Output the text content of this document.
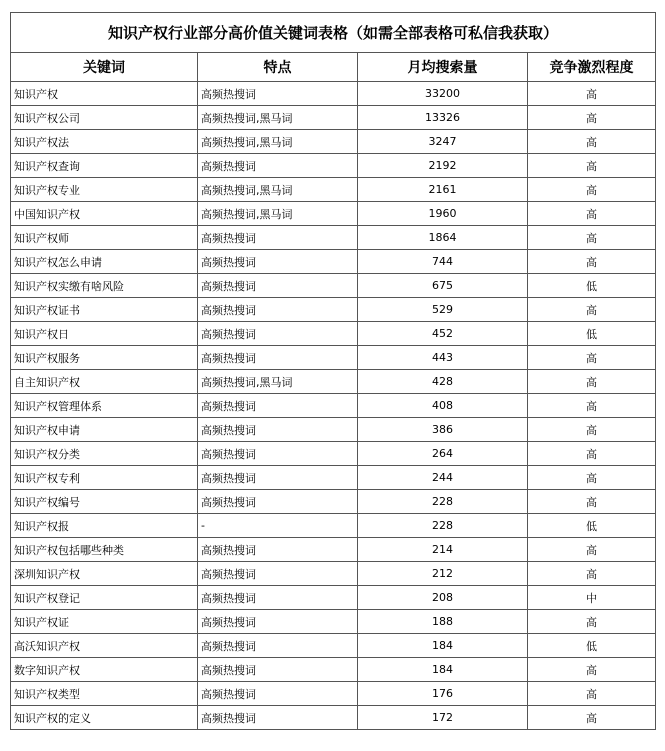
知识产权行业部分高价值关键词表格（如需全部表格可私信我获取）			
关键词	特点	月均搜索量	竞争激烈程度
知识产权	高频热搜词	33200	高
知识产权公司	高频热搜词,黑马词	13326	高
知识产权法	高频热搜词,黑马词	3247	高
知识产权查询	高频热搜词	2192	高
知识产权专业	高频热搜词,黑马词	2161	高
中国知识产权	高频热搜词,黑马词	1960	高
知识产权师	高频热搜词	1864	高
知识产权怎么申请	高频热搜词	744	高
知识产权实缴有啥风险	高频热搜词	675	低
知识产权证书	高频热搜词	529	高
知识产权日	高频热搜词	452	低
知识产权服务	高频热搜词	443	高
自主知识产权	高频热搜词,黑马词	428	高
知识产权管理体系	高频热搜词	408	高
知识产权申请	高频热搜词	386	高
知识产权分类	高频热搜词	264	高
知识产权专利	高频热搜词	244	高
知识产权编号	高频热搜词	228	高
知识产权报	-	228	低
知识产权包括哪些种类	高频热搜词	214	高
深圳知识产权	高频热搜词	212	高
知识产权登记	高频热搜词	208	中
知识产权证	高频热搜词	188	高
高沃知识产权	高频热搜词	184	低
数字知识产权	高频热搜词	184	高
知识产权类型	高频热搜词	176	高
知识产权的定义	高频热搜词	172	高
